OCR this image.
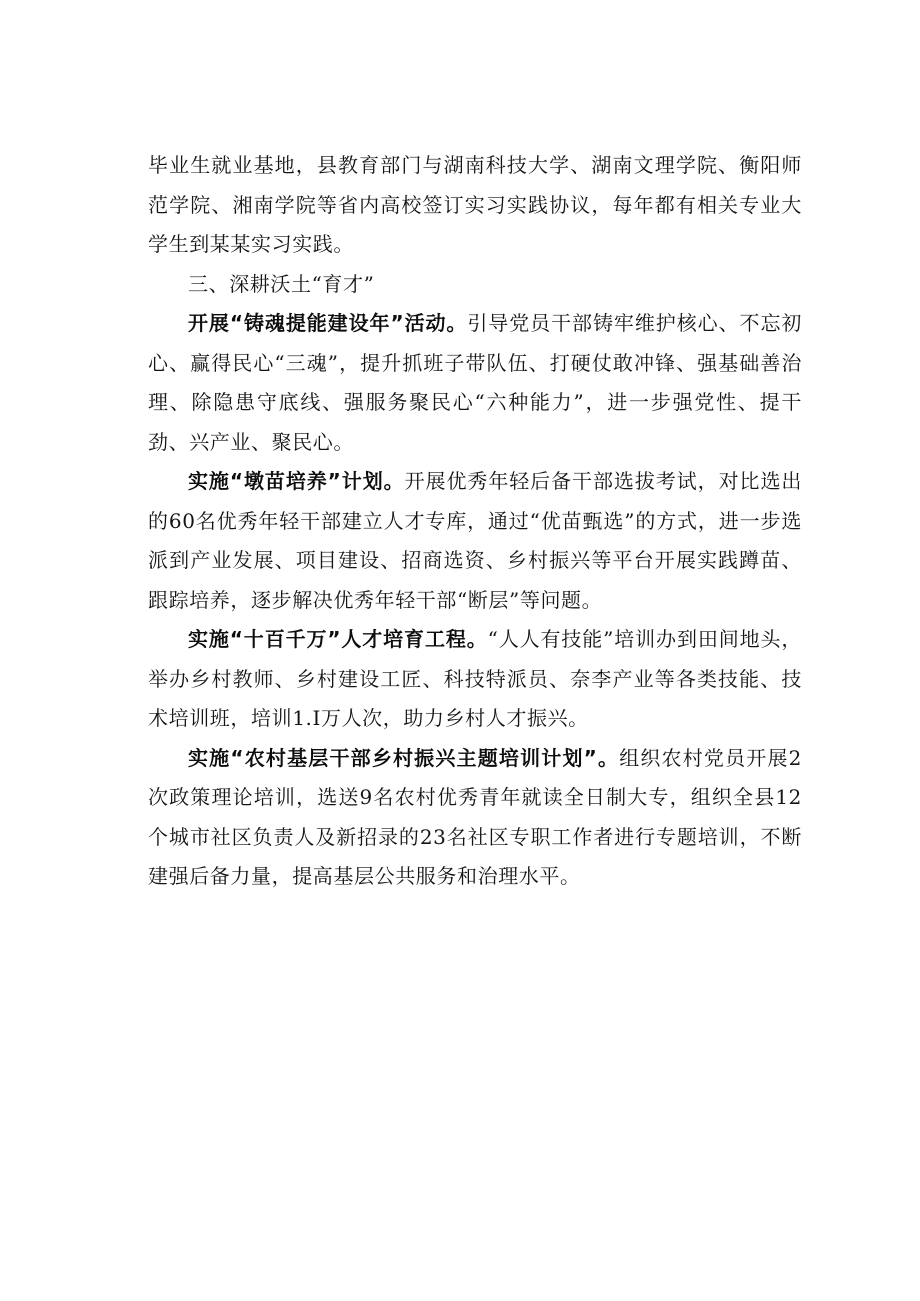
毕业生就业基地，县教育部门与湖南科技大学、湖南文理学院、衡阳师范学院、湘南学院等省内高校签订实习实践协议，每年都有相关专业大学生到某某实习实践。

三、深耕沃土“育才”

开展“铸魂提能建设年”活动。引导党员干部铸牢维护核心、不忘初心、赢得民心“三魂”，提升抓班子带队伍、打硬仗敢冲锋、强基础善治理、除隐患守底线、强服务聚民心“六种能力”，进一步强党性、提干劲、兴产业、聚民心。

实施“墩苗培养”计划。开展优秀年轻后备干部选拔考试，对比选出的60名优秀年轻干部建立人才专库，通过“优苗甄选”的方式，进一步选派到产业发展、项目建设、招商选资、乡村振兴等平台开展实践蹲苗、跟踪培养，逐步解决优秀年轻干部“断层”等问题。

实施“十百千万”人才培育工程。“人人有技能”培训办到田间地头，举办乡村教师、乡村建设工匠、科技特派员、奈李产业等各类技能、技术培训班，培训1.I万人次，助力乡村人才振兴。

实施“农村基层干部乡村振兴主题培训计划”。组织农村党员开展2次政策理论培训，选送9名农村优秀青年就读全日制大专，组织全县12个城市社区负责人及新招录的23名社区专职工作者进行专题培训，不断建强后备力量，提高基层公共服务和治理水平。
